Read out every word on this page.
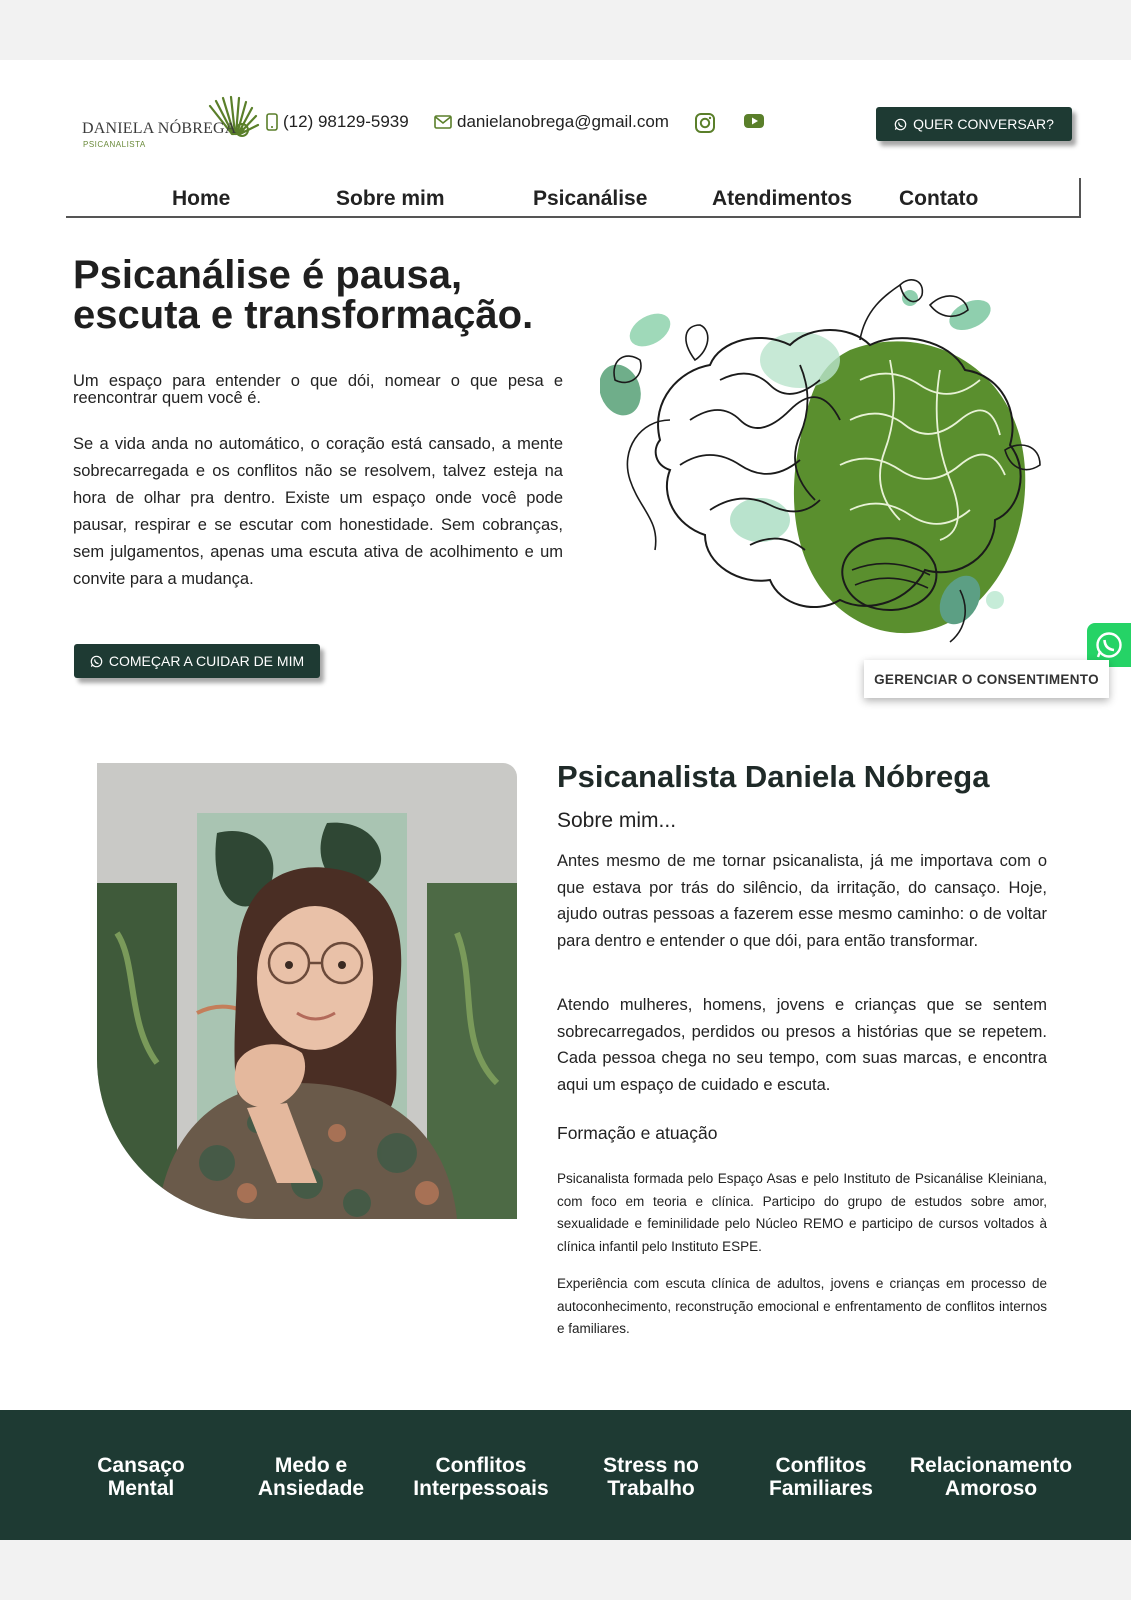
DANIELA NÓBREGA
PSICANALISTA
(12) 98129-5939	danielanobrega@gmail.com	QUER CONVERSAR?
Home	Sobre mim	Psicanálise	Atendimentos Contato
Psicanálise é pausa,
escuta e transformação.
Um espaço para entender o que dói, nomear o que pesa e reencontrar quem você é.
Se a vida anda no automático, o coração está cansado, a mente sobrecarregada e os conflitos não se resolvem, talvez esteja na hora de olhar pra dentro. Existe um espaço onde você pode pausar, respirar e se escutar com honestidade. Sem cobranças, sem julgamentos, apenas uma escuta ativa de acolhimento e um convite para a mudança.
COMEÇAR A CUIDAR DE MIM
GERENCIAR O CONSENTIMENTO
Psicanalista Daniela Nóbrega
Sobre mim...
Antes mesmo de me tornar psicanalista, já me importava com o que estava por trás do silêncio, da irritação, do cansaço. Hoje, ajudo outras pessoas a fazerem esse mesmo caminho: o de voltar para dentro e entender o que dói, para então transformar.
Atendo mulheres, homens, jovens e crianças que se sentem sobrecarregados, perdidos ou presos a histórias que se repetem. Cada pessoa chega no seu tempo, com suas marcas, e encontra aqui um espaço de cuidado e escuta.
Formação e atuação
Psicanalista formada pelo Espaço Asas e pelo Instituto de Psicanálise Kleiniana, com foco em teoria e clínica. Participo do grupo de estudos sobre amor, sexualidade e feminilidade pelo Núcleo REMO e participo de cursos voltados à clínica infantil pelo Instituto ESPE.
Experiência com escuta clínica de adultos, jovens e crianças em processo de autoconhecimento, reconstrução emocional e enfrentamento de conflitos internos e familiares.
Cansaço
Mental
Medo e
Ansiedade
Conflitos
Interpessoais
Stress no
Trabalho
Conflitos
Familiares
Relacionamento
Amoroso
